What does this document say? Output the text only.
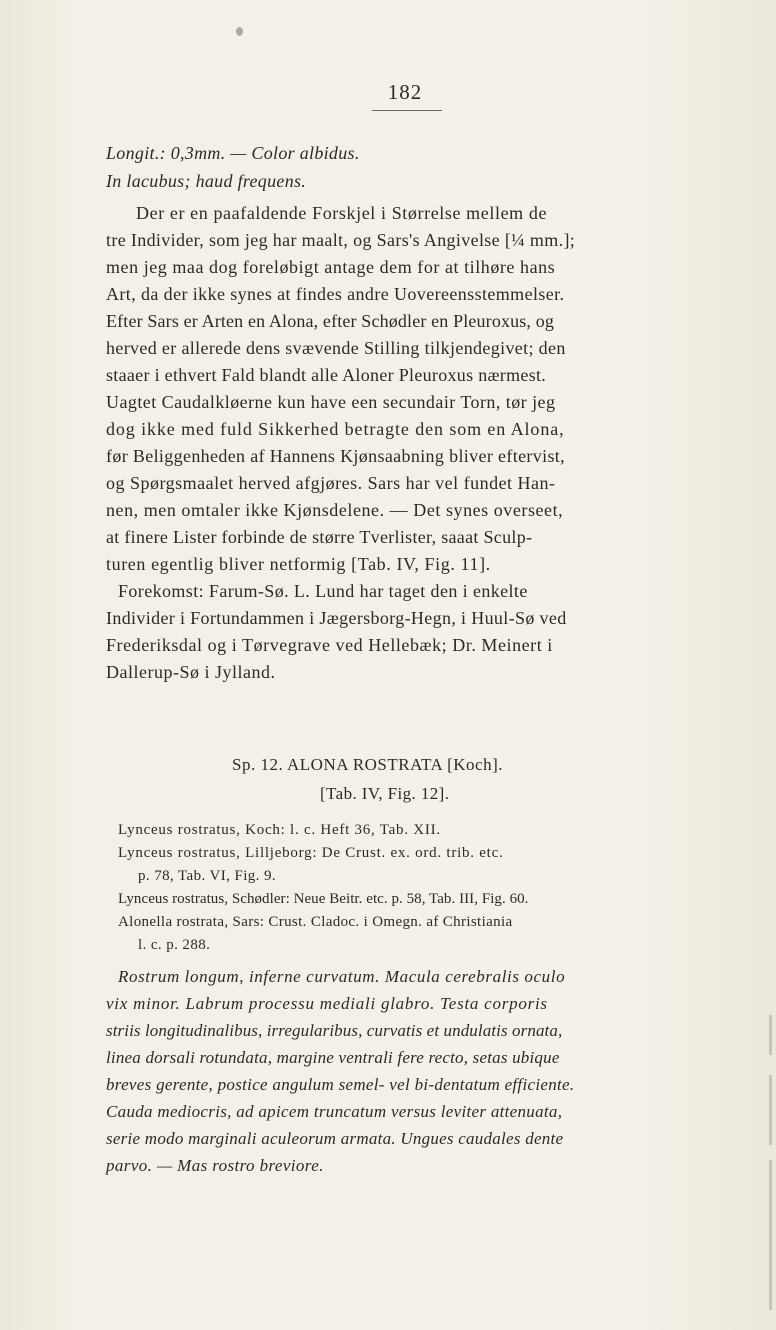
182
Longit.: 0,3mm. — Color albidus.
In lacubus; haud frequens.
Der er en paafaldende Forskjel i Størrelse mellem de
tre Individer, som jeg har maalt, og Sars's Angivelse [¼ mm.];
men jeg maa dog foreløbigt antage dem for at tilhøre hans
Art, da der ikke synes at findes andre Uovereensstemmelser.
Efter Sars er Arten en Alona, efter Schødler en Pleuroxus, og
herved er allerede dens svævende Stilling tilkjendegivet; den
staaer i ethvert Fald blandt alle Aloner Pleuroxus nærmest.
Uagtet Caudalkløerne kun have een secundair Torn, tør jeg
dog ikke med fuld Sikkerhed betragte den som en Alona,
før Beliggenheden af Hannens Kjønsaabning bliver eftervist,
og Spørgsmaalet herved afgjøres. Sars har vel fundet Han-
nen, men omtaler ikke Kjønsdelene. — Det synes overseet,
at finere Lister forbinde de større Tverlister, saaat Sculp-
turen egentlig bliver netformig [Tab. IV, Fig. 11].
Forekomst: Farum-Sø. L. Lund har taget den i enkelte
Individer i Fortundammen i Jægersborg-Hegn, i Huul-Sø ved
Frederiksdal og i Tørvegrave ved Hellebæk; Dr. Meinert i
Dallerup-Sø i Jylland.
Sp. 12. ALONA ROSTRATA [Koch].
[Tab. IV, Fig. 12].
Lynceus rostratus, Koch: l. c. Heft 36, Tab. XII.
Lynceus rostratus, Lilljeborg: De Crust. ex. ord. trib. etc.
p. 78, Tab. VI, Fig. 9.
Lynceus rostratus, Schødler: Neue Beitr. etc. p. 58, Tab. III, Fig. 60.
Alonella rostrata, Sars: Crust. Cladoc. i Omegn. af Christiania
l. c. p. 288.
Rostrum longum, inferne curvatum. Macula cerebralis oculo
vix minor. Labrum processu mediali glabro. Testa corporis
striis longitudinalibus, irregularibus, curvatis et undulatis ornata,
linea dorsali rotundata, margine ventrali fere recto, setas ubique
breves gerente, postice angulum semel- vel bi-dentatum efficiente.
Cauda mediocris, ad apicem truncatum versus leviter attenuata,
serie modo marginali aculeorum armata. Ungues caudales dente
parvo. — Mas rostro breviore.
